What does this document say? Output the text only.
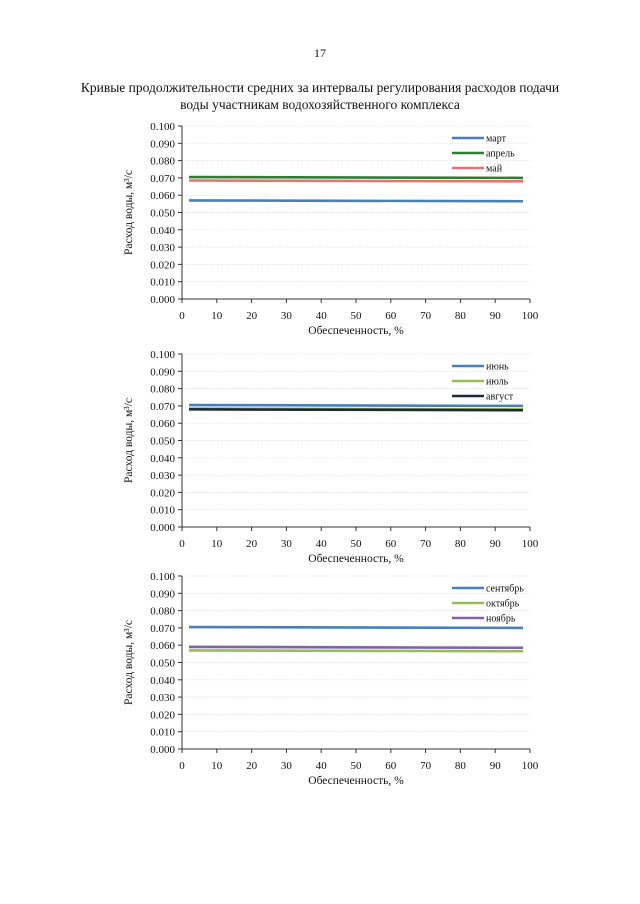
17
Кривые продолжительности средних за интервалы регулирования расходов подачи
воды участникам водохозяйственного комплекса
0.000
0.010
0.020
0.030
0.040
0.050
0.060
0.070
0.080
0.090
0.100
0 10 20 30 40 50 60 70 80 90 100
Обеспеченность, %
Расход воды, м³/с
март
апрель
май
0.000
0.010
0.020
0.030
0.040
0.050
0.060
0.070
0.080
0.090
0.100
0 10 20 30 40 50 60 70 80 90 100
Обеспеченность, %
Расход воды, м³/с
июнь
июль
август
0.000
0.010
0.020
0.030
0.040
0.050
0.060
0.070
0.080
0.090
0.100
0 10 20 30 40 50 60 70 80 90 100
Обеспеченность, %
Расход воды, м³/с
сентябрь
октябрь
ноябрь
